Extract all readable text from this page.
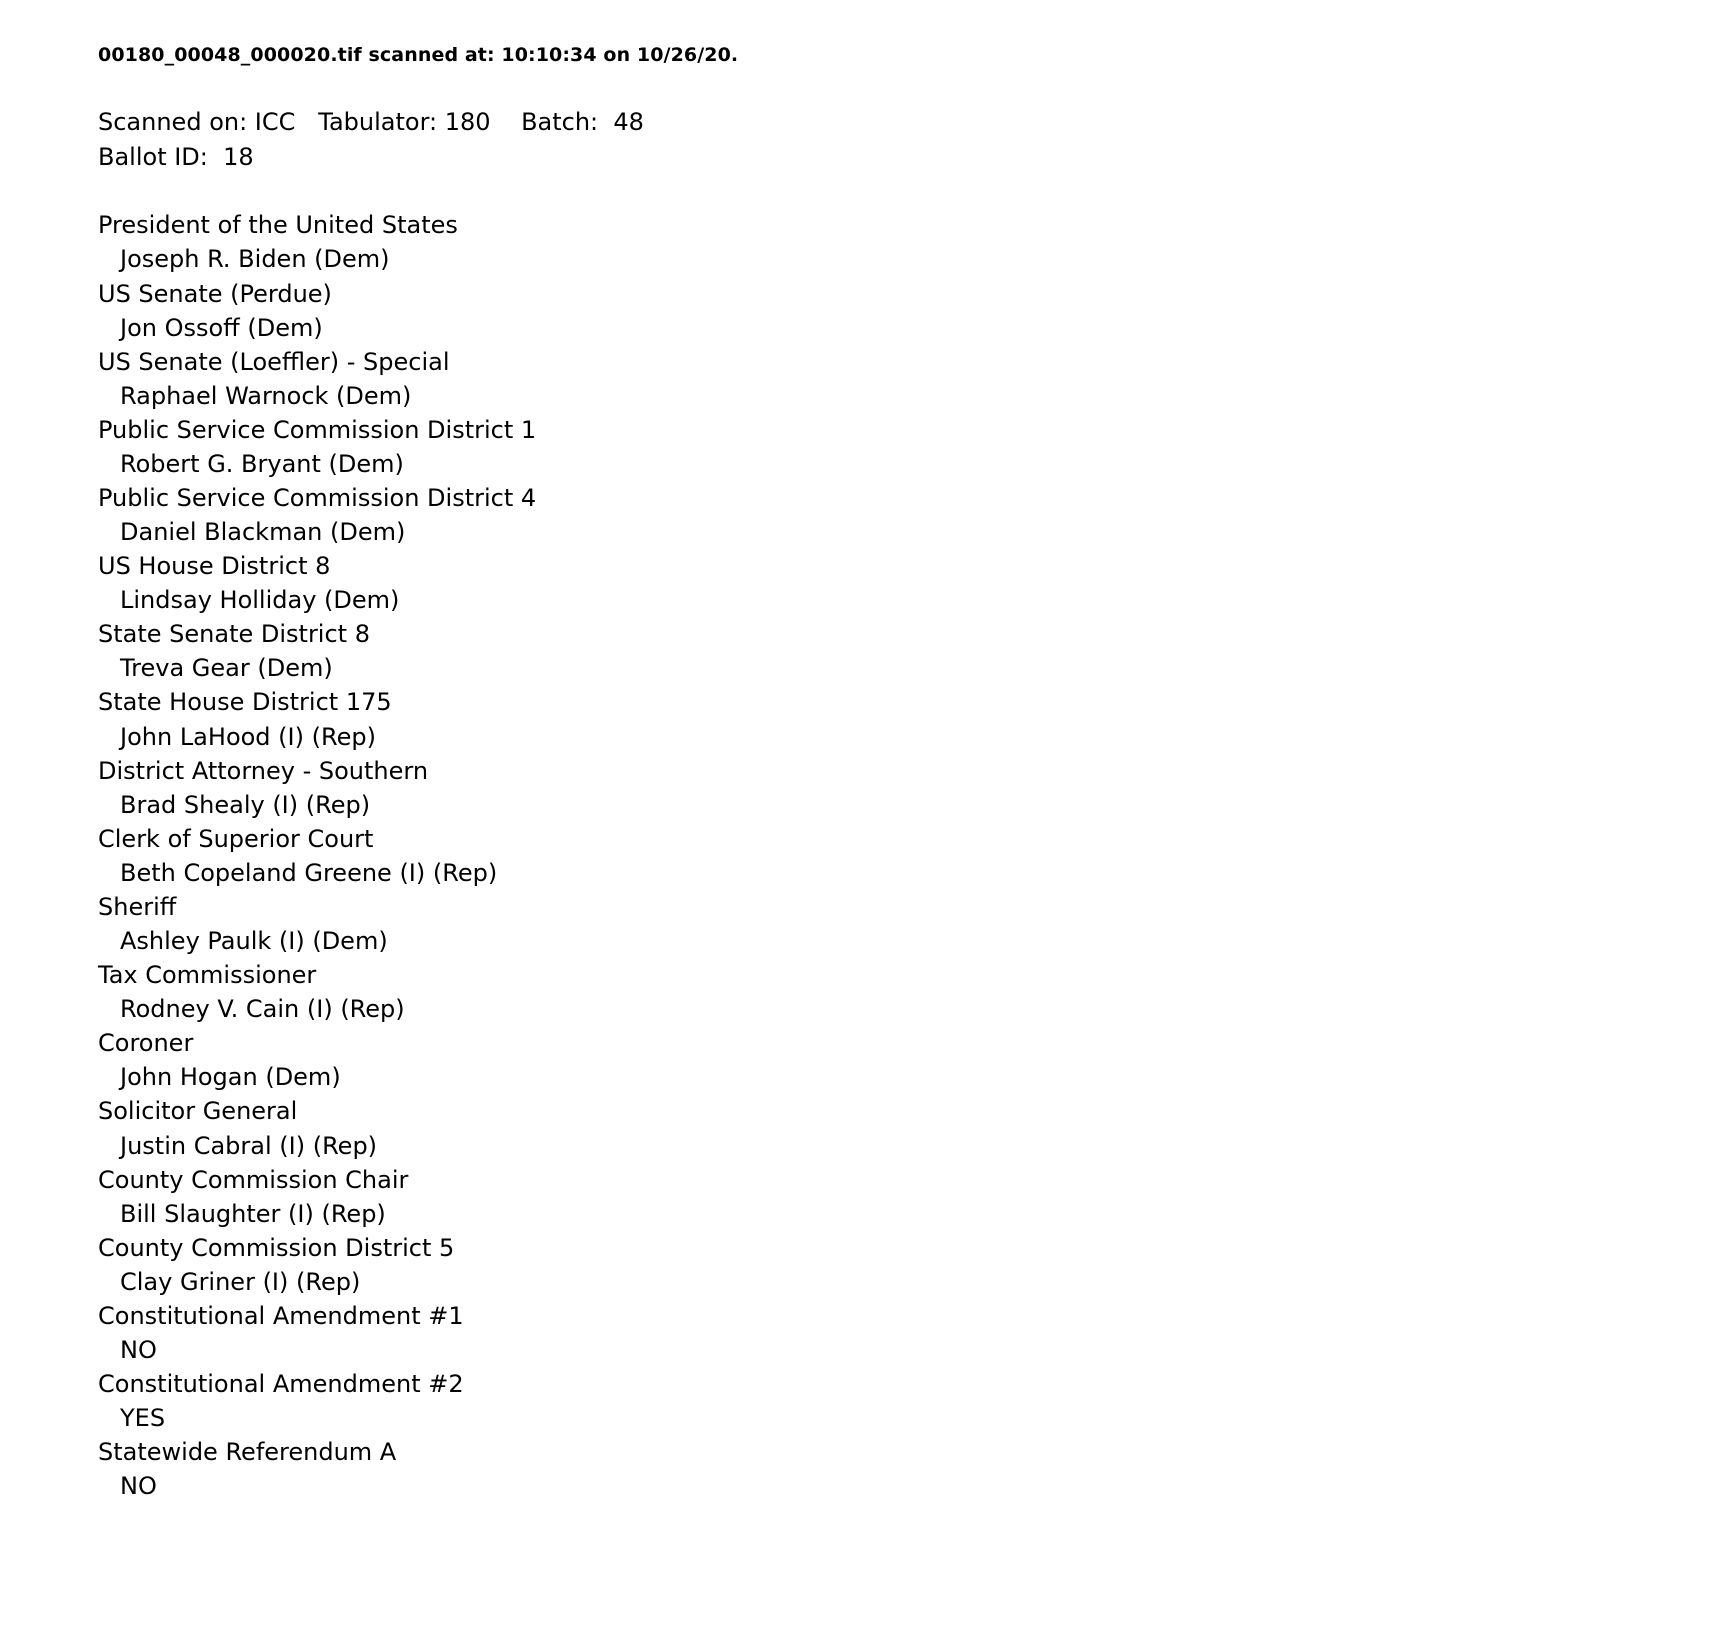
00180_00048_000020.tif scanned at: 10:10:34 on 10/26/20.
Scanned on: ICC   Tabulator: 180    Batch:  48
Ballot ID:  18
President of the United States
Joseph R. Biden (Dem)
US Senate (Perdue)
Jon Ossoff (Dem)
US Senate (Loeffler) - Special
Raphael Warnock (Dem)
Public Service Commission District 1
Robert G. Bryant (Dem)
Public Service Commission District 4
Daniel Blackman (Dem)
US House District 8
Lindsay Holliday (Dem)
State Senate District 8
Treva Gear (Dem)
State House District 175
John LaHood (I) (Rep)
District Attorney - Southern
Brad Shealy (I) (Rep)
Clerk of Superior Court
Beth Copeland Greene (I) (Rep)
Sheriff
Ashley Paulk (I) (Dem)
Tax Commissioner
Rodney V. Cain (I) (Rep)
Coroner
John Hogan (Dem)
Solicitor General
Justin Cabral (I) (Rep)
County Commission Chair
Bill Slaughter (I) (Rep)
County Commission District 5
Clay Griner (I) (Rep)
Constitutional Amendment #1
NO
Constitutional Amendment #2
YES
Statewide Referendum A
NO
